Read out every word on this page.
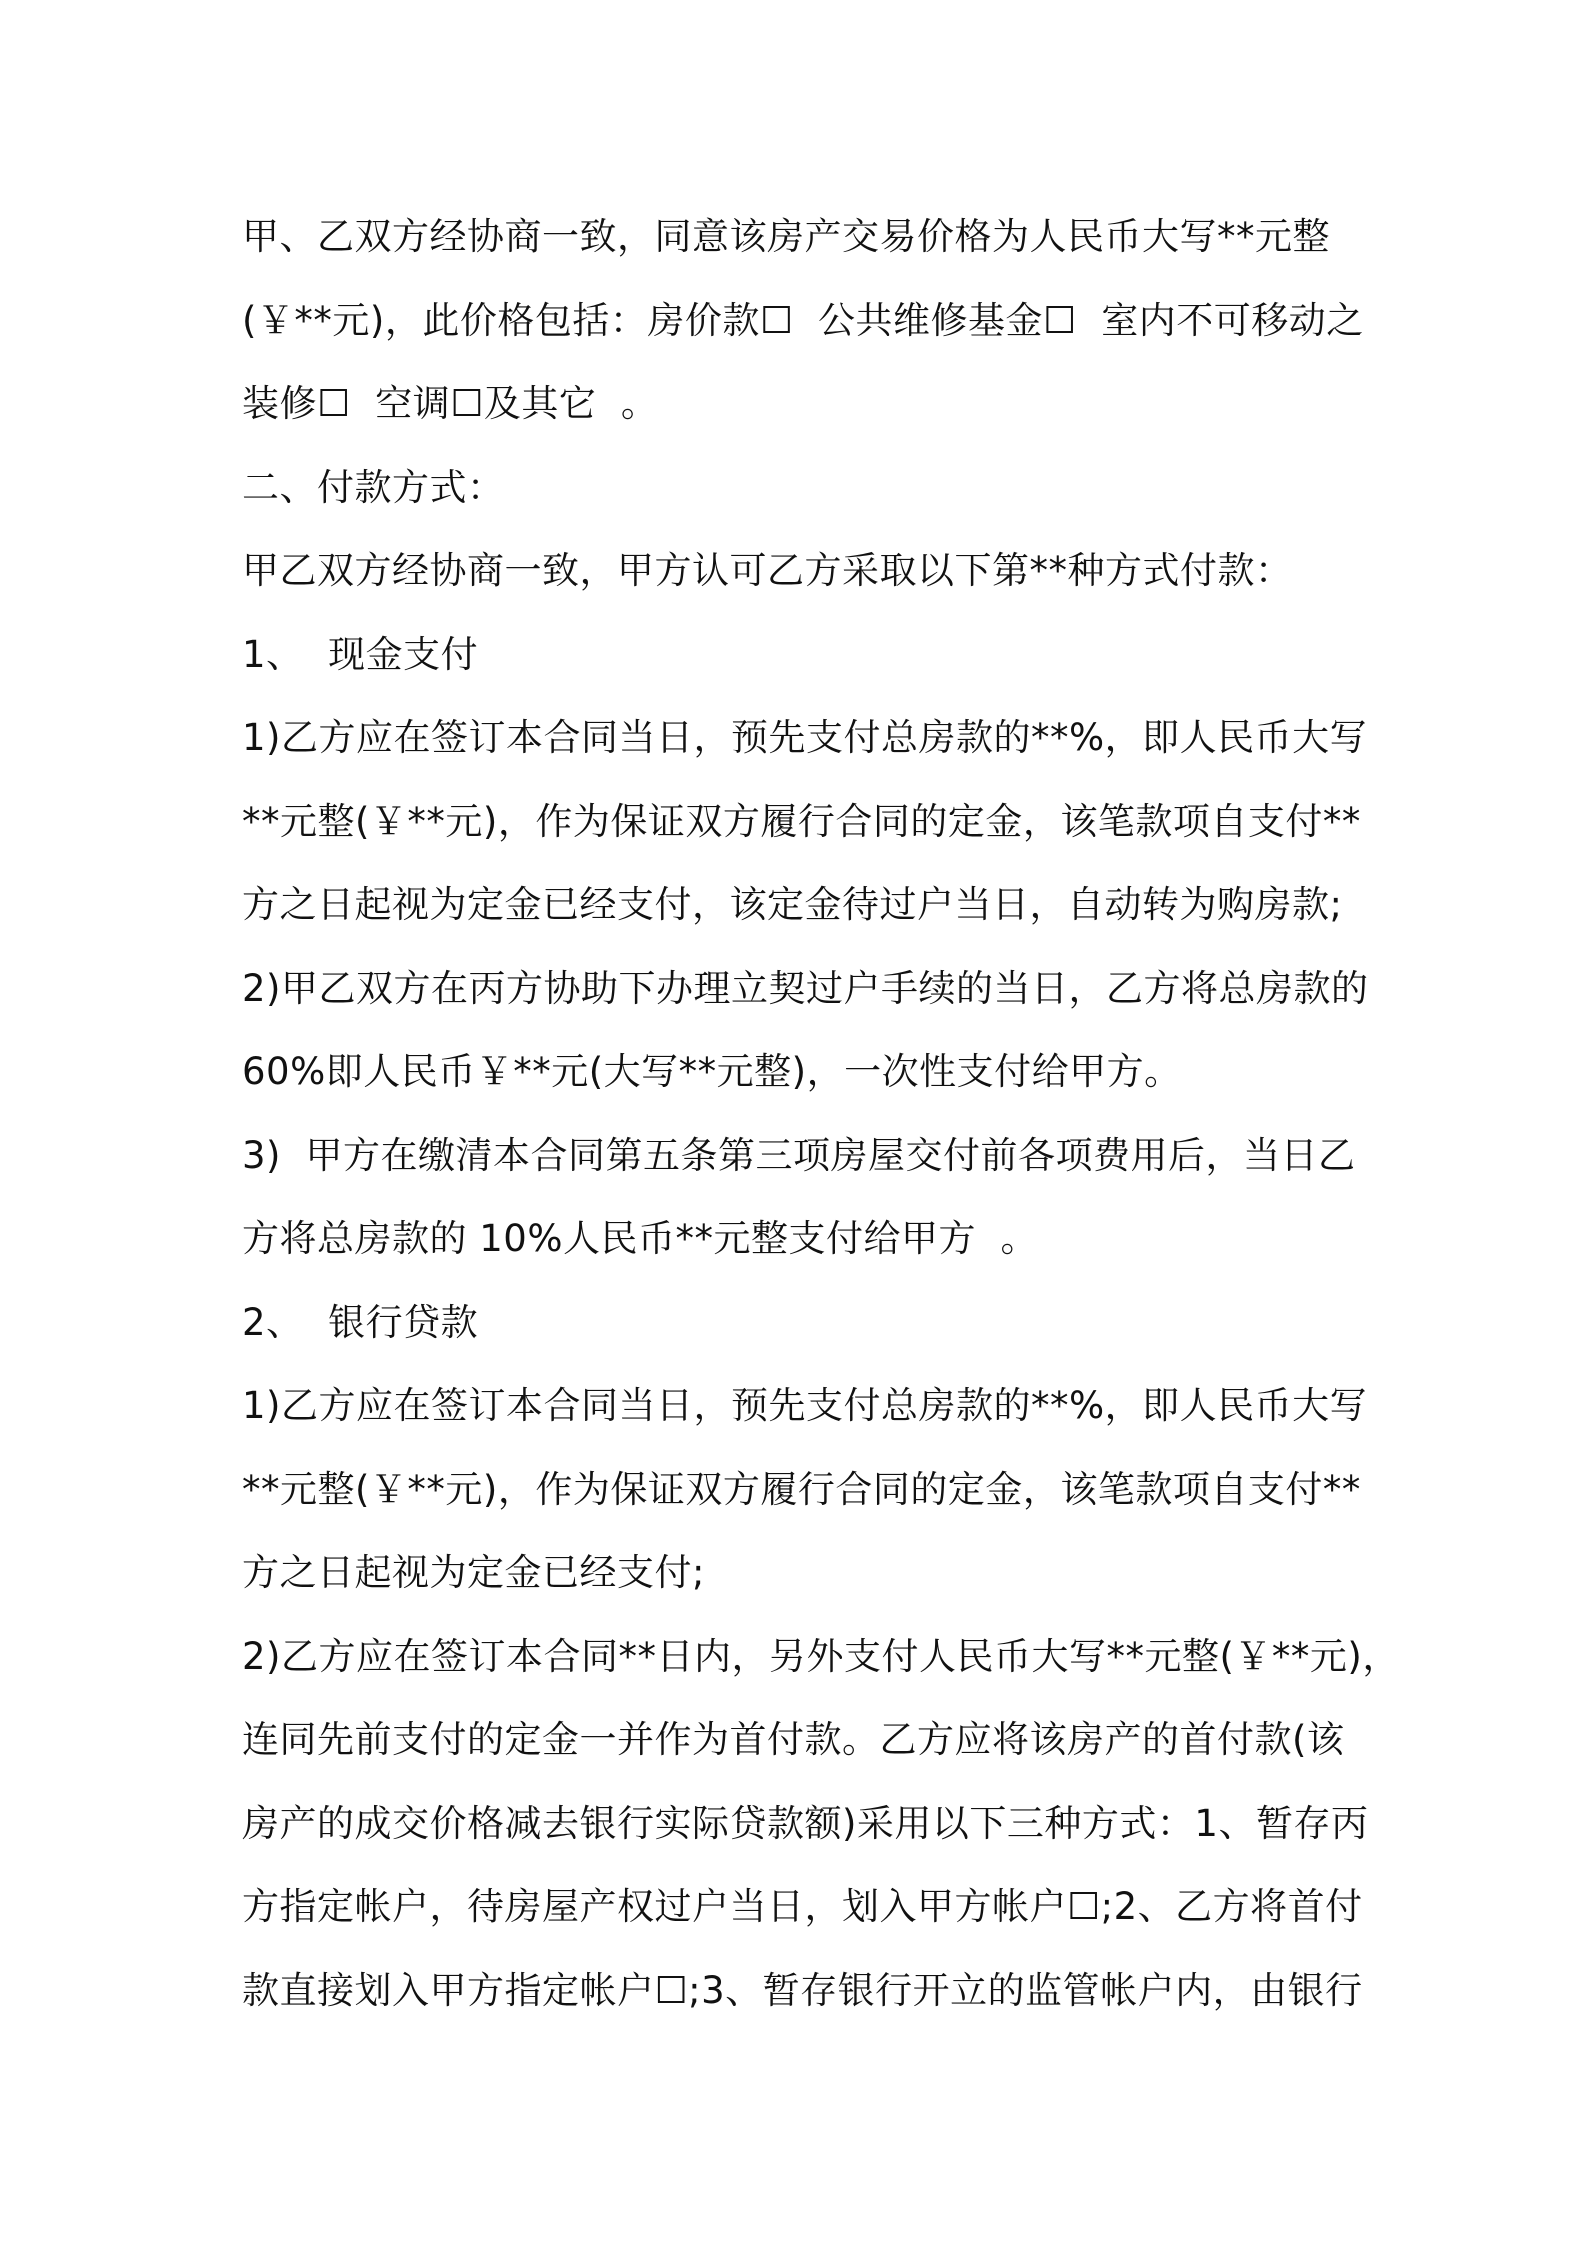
甲、乙双方经协商一致，同意该房产交易价格为人民币大写**元整
(￥**元)，此价格包括：房价款☐  公共维修基金☐  室内不可移动之
装修☐  空调☐及其它  。
二、付款方式：
甲乙双方经协商一致，甲方认可乙方采取以下第**种方式付款：
1、  现金支付
1)乙方应在签订本合同当日，预先支付总房款的**%，即人民币大写
**元整(￥**元)，作为保证双方履行合同的定金，该笔款项自支付**
方之日起视为定金已经支付，该定金待过户当日，自动转为购房款;
2)甲乙双方在丙方协助下办理立契过户手续的当日，乙方将总房款的
60%即人民币￥**元(大写**元整)，一次性支付给甲方。
3)  甲方在缴清本合同第五条第三项房屋交付前各项费用后，当日乙
方将总房款的 10%人民币**元整支付给甲方  。
2、  银行贷款
1)乙方应在签订本合同当日，预先支付总房款的**%，即人民币大写
**元整(￥**元)，作为保证双方履行合同的定金，该笔款项自支付**
方之日起视为定金已经支付;
2)乙方应在签订本合同**日内，另外支付人民币大写**元整(￥**元)，
连同先前支付的定金一并作为首付款。乙方应将该房产的首付款(该
房产的成交价格减去银行实际贷款额)采用以下三种方式：1、暂存丙
方指定帐户，待房屋产权过户当日，划入甲方帐户☐;2、乙方将首付
款直接划入甲方指定帐户☐;3、暂存银行开立的监管帐户内，由银行
